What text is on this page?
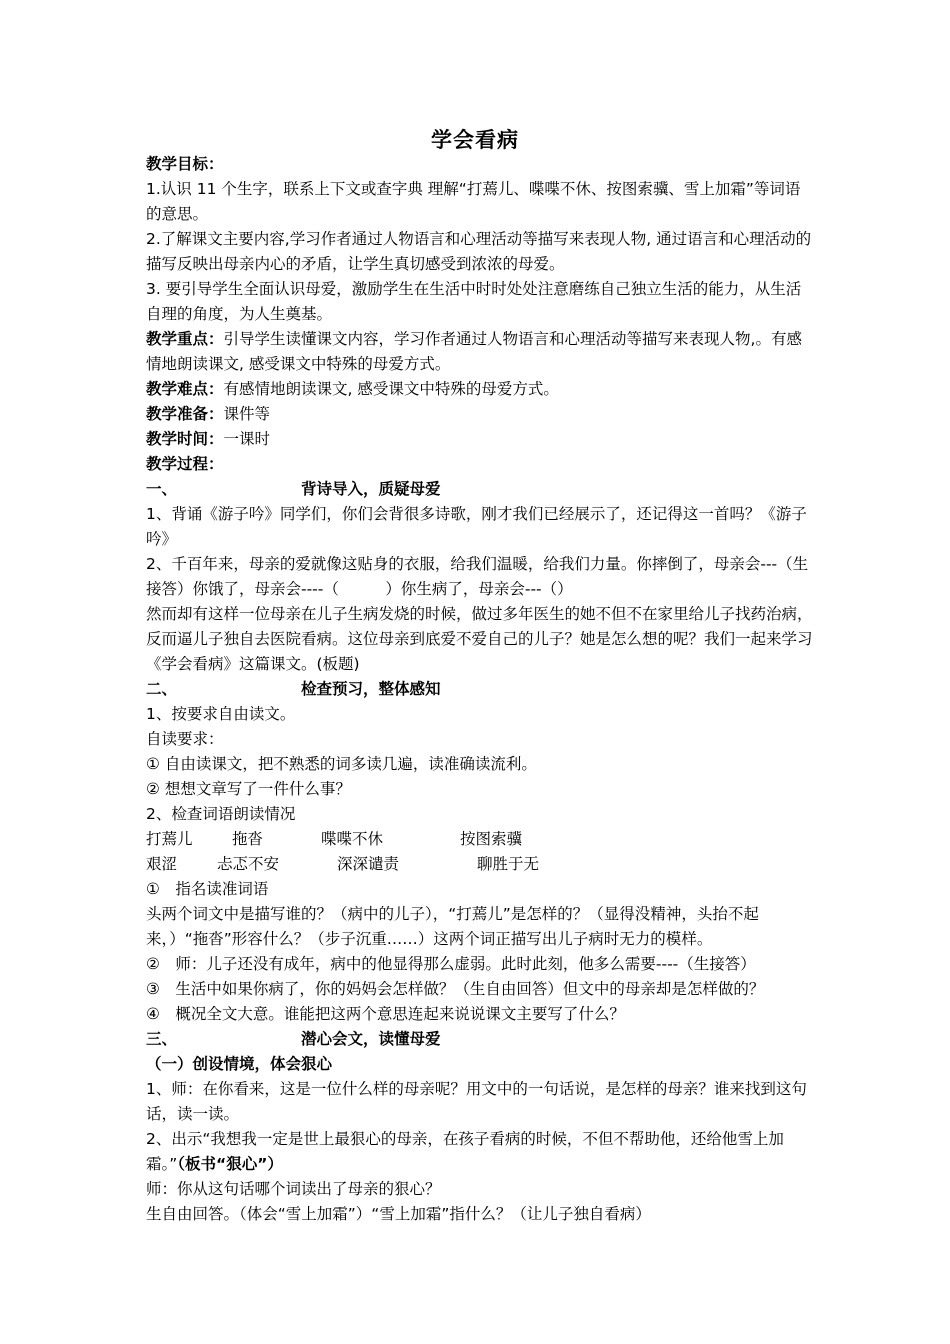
学会看病

教学目标：

1.认识 11 个生字，联系上下文或查字典 理解“打蔫儿、喋喋不休、按图索骥、雪上加霜”等词语的意思。

2.了解课文主要内容,学习作者通过人物语言和心理活动等描写来表现人物, 通过语言和心理活动的描写反映出母亲内心的矛盾，让学生真切感受到浓浓的母爱。

3. 要引导学生全面认识母爱，激励学生在生活中时时处处注意磨练自己独立生活的能力，从生活自理的角度，为人生奠基。

教学重点：引导学生读懂课文内容，学习作者通过人物语言和心理活动等描写来表现人物,。有感情地朗读课文, 感受课文中特殊的母爱方式。

教学难点：有感情地朗读课文, 感受课文中特殊的母爱方式。

教学准备：课件等

教学时间：一课时

教学过程：

一、	背诗导入，质疑母爱

1、背诵《游子吟》同学们，你们会背很多诗歌，刚才我们已经展示了，还记得这一首吗？《游子吟》

2、千百年来，母亲的爱就像这贴身的衣服，给我们温暖，给我们力量。你摔倒了，母亲会---（生接答）你饿了，母亲会----（　　　）你生病了，母亲会---（）

然而却有这样一位母亲在儿子生病发烧的时候，做过多年医生的她不但不在家里给儿子找药治病，反而逼儿子独自去医院看病。这位母亲到底爱不爱自己的儿子？她是怎么想的呢？我们一起来学习《学会看病》这篇课文。(板题)

二、	检查预习，整体感知

1、按要求自由读文。

自读要求：

① 自由读课文，把不熟悉的词多读几遍，读准确读流利。

② 想想文章写了一件什么事？

2、检查词语朗读情况

打蔫儿	拖沓	喋喋不休	按图索骥
艰涩	忐忑不安	深深谴责	聊胜于无

①　指名读准词语

头两个词文中是描写谁的？（病中的儿子），“打蔫儿”是怎样的？（显得没精神，头抬不起来，）“拖沓”形容什么？（步子沉重……）这两个词正描写出儿子病时无力的模样。

②　师：儿子还没有成年，病中的他显得那么虚弱。此时此刻，他多么需要----（生接答）

③　生活中如果你病了，你的妈妈会怎样做？（生自由回答）但文中的母亲却是怎样做的？

④　概况全文大意。谁能把这两个意思连起来说说课文主要写了什么？

三、	潜心会文，读懂母爱

（一）创设情境，体会狠心

1、师：在你看来，这是一位什么样的母亲呢？用文中的一句话说，是怎样的母亲？谁来找到这句话，读一读。

2、出示“我想我一定是世上最狠心的母亲，在孩子看病的时候，不但不帮助他，还给他雪上加霜。”（板书“狠心”）

师：你从这句话哪个词读出了母亲的狠心？

生自由回答。（体会“雪上加霜”）“雪上加霜”指什么？（让儿子独自看病）
